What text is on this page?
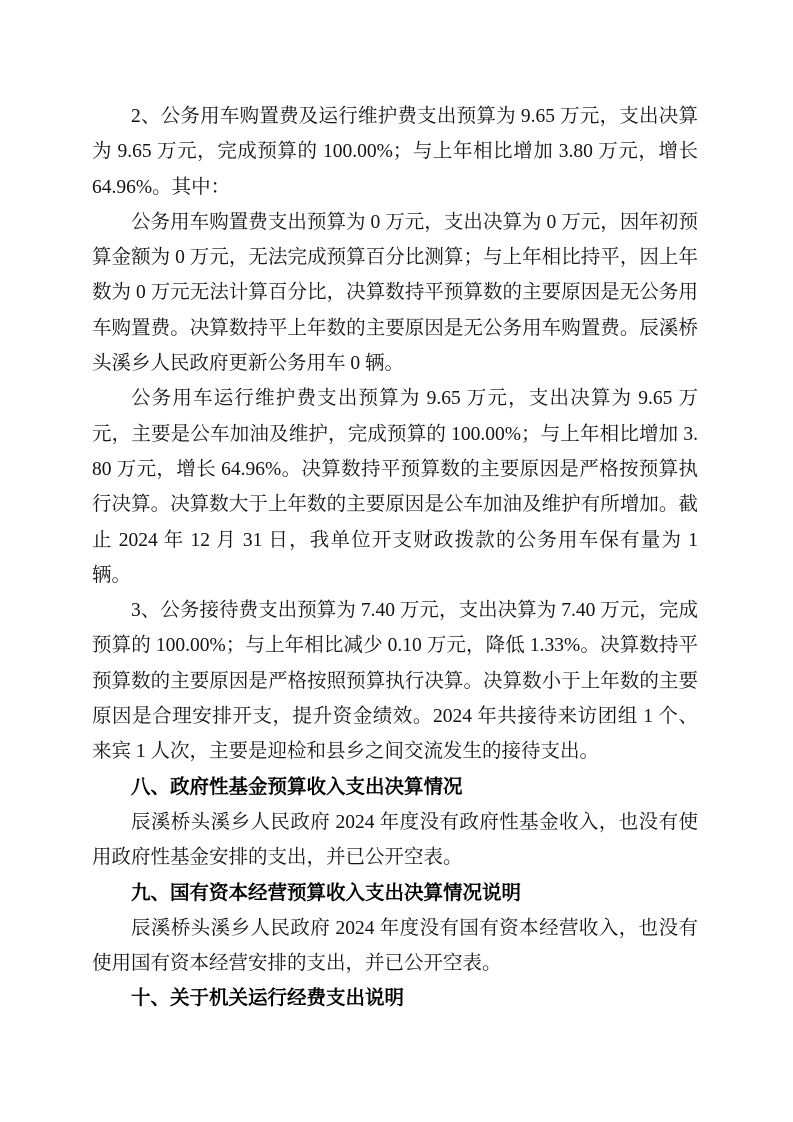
2、公务用车购置费及运行维护费支出预算为 9.65 万元，支出决算为 9.65 万元，完成预算的 100.00%；与上年相比增加 3.80 万元，增长 64.96%。其中：

公务用车购置费支出预算为 0 万元，支出决算为 0 万元，因年初预算金额为 0 万元，无法完成预算百分比测算；与上年相比持平，因上年数为 0 万元无法计算百分比，决算数持平预算数的主要原因是无公务用车购置费。决算数持平上年数的主要原因是无公务用车购置费。辰溪桥头溪乡人民政府更新公务用车 0 辆。

公务用车运行维护费支出预算为 9.65 万元，支出决算为 9.65 万元，主要是公车加油及维护，完成预算的 100.00%；与上年相比增加 3.80 万元，增长 64.96%。决算数持平预算数的主要原因是严格按预算执行决算。决算数大于上年数的主要原因是公车加油及维护有所增加。截止 2024 年 12 月 31 日，我单位开支财政拨款的公务用车保有量为 1 辆。

3、公务接待费支出预算为 7.40 万元，支出决算为 7.40 万元，完成预算的 100.00%；与上年相比减少 0.10 万元，降低 1.33%。决算数持平预算数的主要原因是严格按照预算执行决算。决算数小于上年数的主要原因是合理安排开支，提升资金绩效。2024 年共接待来访团组 1 个、来宾 1 人次，主要是迎检和县乡之间交流发生的接待支出。

八、政府性基金预算收入支出决算情况

辰溪桥头溪乡人民政府 2024 年度没有政府性基金收入，也没有使用政府性基金安排的支出，并已公开空表。

九、国有资本经营预算收入支出决算情况说明

辰溪桥头溪乡人民政府 2024 年度没有国有资本经营收入，也没有使用国有资本经营安排的支出，并已公开空表。

十、关于机关运行经费支出说明
